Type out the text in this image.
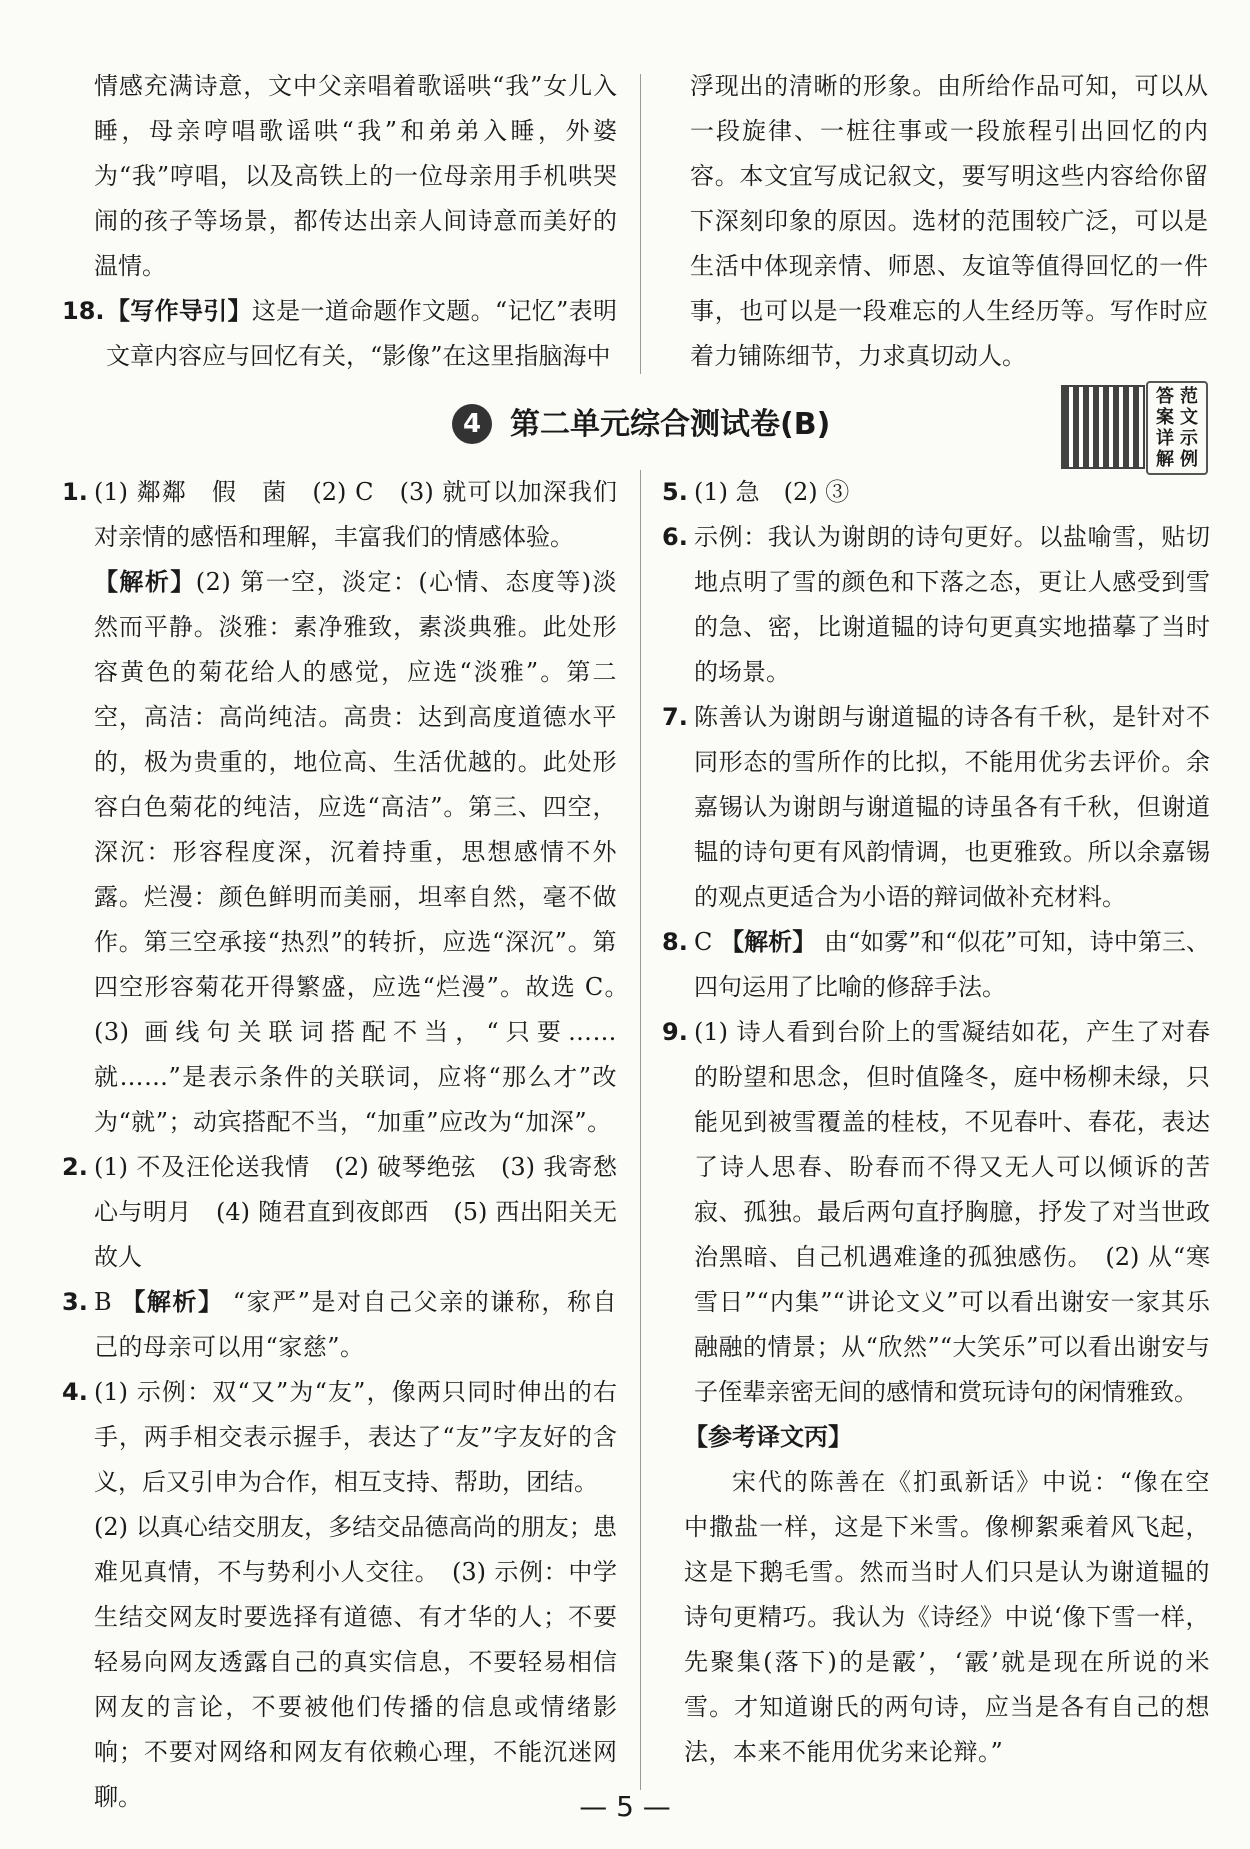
情感充满诗意，文中父亲唱着歌谣哄“我”女儿入睡，母亲哼唱歌谣哄“我”和弟弟入睡，外婆为“我”哼唱，以及高铁上的一位母亲用手机哄哭闹的孩子等场景，都传达出亲人间诗意而美好的温情。

18. 【写作导引】这是一道命题作文题。“记忆”表明文章内容应与回忆有关，“影像”在这里指脑海中

浮现出的清晰的形象。由所给作品可知，可以从一段旋律、一桩往事或一段旅程引出回忆的内容。本文宜写成记叙文，要写明这些内容给你留下深刻印象的原因。选材的范围较广泛，可以是生活中体现亲情、师恩、友谊等值得回忆的一件事，也可以是一段难忘的人生经历等。写作时应着力铺陈细节，力求真切动人。

4 第二单元综合测试卷(B)
答 范
案 文
详 示
解 例
1. (1) 鄰鄰　假　菌　(2) C　(3) 就可以加深我们对亲情的感悟和理解，丰富我们的情感体验。

【解析】(2) 第一空，淡定：(心情、态度等)淡然而平静。淡雅：素净雅致，素淡典雅。此处形容黄色的菊花给人的感觉，应选“淡雅”。第二空，高洁：高尚纯洁。高贵：达到高度道德水平的，极为贵重的，地位高、生活优越的。此处形容白色菊花的纯洁，应选“高洁”。第三、四空，深沉：形容程度深，沉着持重，思想感情不外露。烂漫：颜色鲜明而美丽，坦率自然，毫不做作。第三空承接“热烈”的转折，应选“深沉”。第四空形容菊花开得繁盛，应选“烂漫”。故选 C。　(3) 画线句关联词搭配不当，“只要……就……”是表示条件的关联词，应将“那么才”改为“就”；动宾搭配不当，“加重”应改为“加深”。

2. (1) 不及汪伦送我情　(2) 破琴绝弦　(3) 我寄愁心与明月　(4) 随君直到夜郎西　(5) 西出阳关无故人

3. B 【解析】 “家严”是对自己父亲的谦称，称自己的母亲可以用“家慈”。

4. (1) 示例：双“又”为“友”，像两只同时伸出的右手，两手相交表示握手，表达了“友”字友好的含义，后又引申为合作，相互支持、帮助，团结。

(2) 以真心结交朋友，多结交品德高尚的朋友；患难见真情，不与势利小人交往。　(3) 示例：中学生结交网友时要选择有道德、有才华的人；不要轻易向网友透露自己的真实信息，不要轻易相信网友的言论，不要被他们传播的信息或情绪影响；不要对网络和网友有依赖心理，不能沉迷网聊。

5. (1) 急　(2) ③

6. 示例：我认为谢朗的诗句更好。以盐喻雪，贴切地点明了雪的颜色和下落之态，更让人感受到雪的急、密，比谢道韫的诗句更真实地描摹了当时的场景。

7. 陈善认为谢朗与谢道韫的诗各有千秋，是针对不同形态的雪所作的比拟，不能用优劣去评价。余嘉锡认为谢朗与谢道韫的诗虽各有千秋，但谢道韫的诗句更有风韵情调，也更雅致。所以余嘉锡的观点更适合为小语的辩词做补充材料。

8. C 【解析】 由“如雾”和“似花”可知，诗中第三、四句运用了比喻的修辞手法。

9. (1) 诗人看到台阶上的雪凝结如花，产生了对春的盼望和思念，但时值隆冬，庭中杨柳未绿，只能见到被雪覆盖的桂枝，不见春叶、春花，表达了诗人思春、盼春而不得又无人可以倾诉的苦寂、孤独。最后两句直抒胸臆，抒发了对当世政治黑暗、自己机遇难逢的孤独感伤。　(2) 从“寒雪日”“内集”“讲论文义”可以看出谢安一家其乐融融的情景；从“欣然”“大笑乐”可以看出谢安与子侄辈亲密无间的感情和赏玩诗句的闲情雅致。

【参考译文丙】

宋代的陈善在《扪虱新话》中说：“像在空中撒盐一样，这是下米雪。像柳絮乘着风飞起，这是下鹅毛雪。然而当时人们只是认为谢道韫的诗句更精巧。我认为《诗经》中说‘像下雪一样，先聚集(落下)的是霰’，‘霰’就是现在所说的米雪。才知道谢氏的两句诗，应当是各有自己的想法，本来不能用优劣来论辩。”

— 5 —
